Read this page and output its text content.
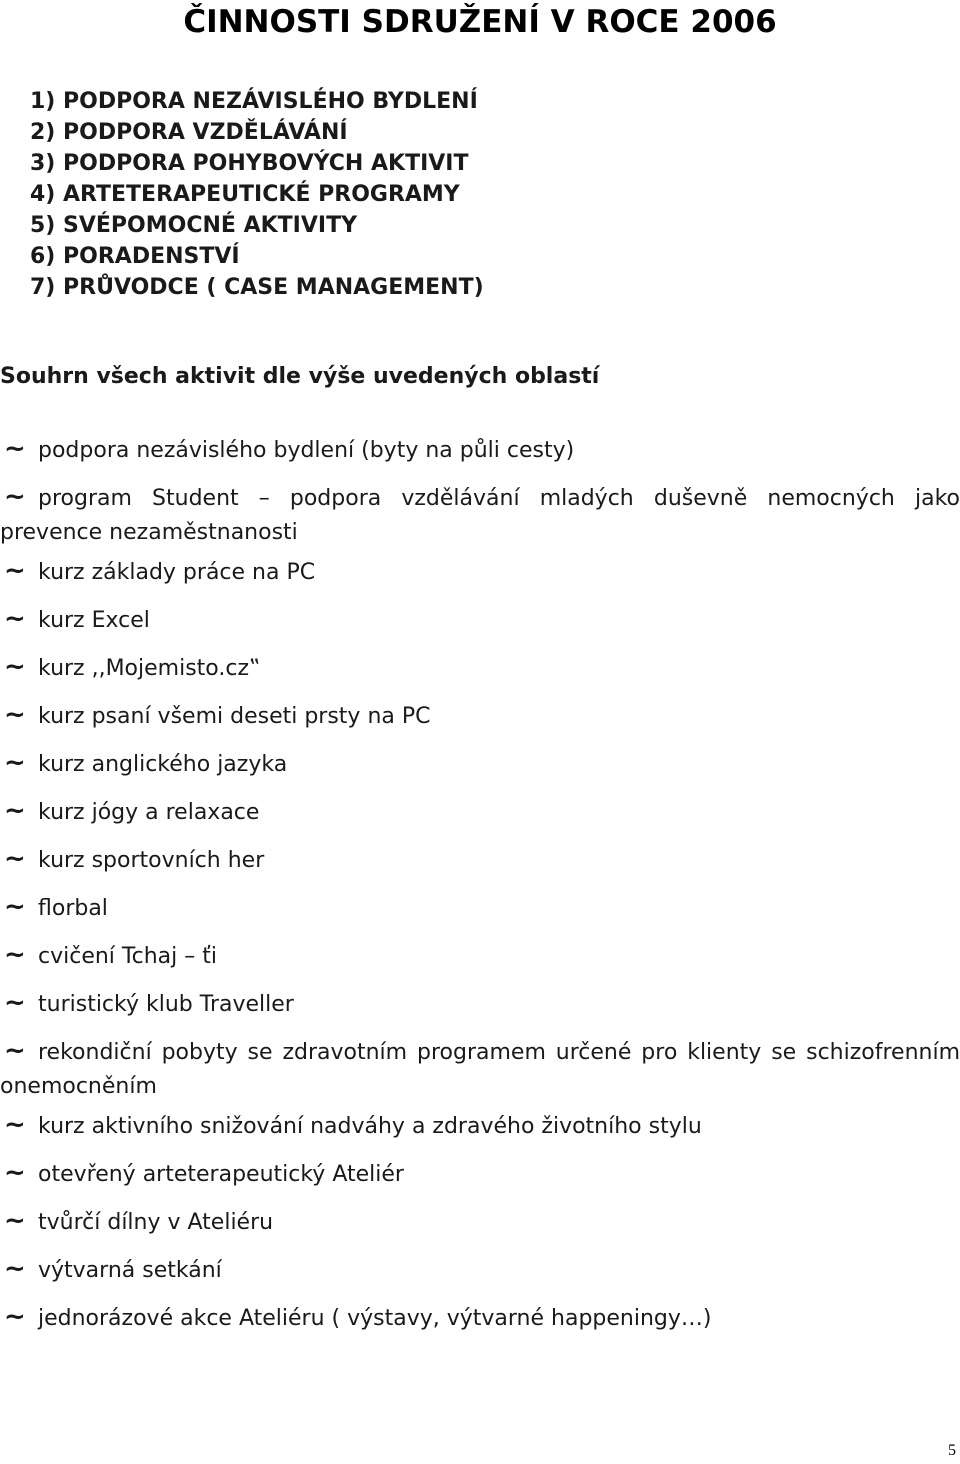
ČINNOSTI SDRUŽENÍ V ROCE 2006
1) PODPORA NEZÁVISLÉHO BYDLENÍ
2) PODPORA VZDĚLÁVÁNÍ
3) PODPORA POHYBOVÝCH AKTIVIT
4) ARTETERAPEUTICKÉ PROGRAMY
5) SVÉPOMOCNÉ AKTIVITY
6) PORADENSTVÍ
7) PRŮVODCE ( CASE MANAGEMENT)
Souhrn všech aktivit dle výše uvedených oblastí
~ podpora nezávislého bydlení (byty na půli cesty)
~ program Student – podpora vzdělávání mladých duševně nemocných jako prevence nezaměstnanosti
~ kurz základy práce na PC
~ kurz Excel
~ kurz ,,Mojemisto.cz‟
~ kurz psaní všemi deseti prsty na PC
~ kurz anglického jazyka
~ kurz jógy a relaxace
~ kurz sportovních her
~ florbal
~ cvičení Tchaj – ťi
~ turistický klub Traveller
~ rekondiční pobyty se zdravotním programem určené pro klienty se schizofrenním onemocněním
~ kurz aktivního snižování nadváhy a zdravého životního stylu
~ otevřený arteterapeutický Ateliér
~ tvůrčí dílny v Ateliéru
~ výtvarná setkání
~ jednorázové akce Ateliéru ( výstavy, výtvarné happeningy…)
5
